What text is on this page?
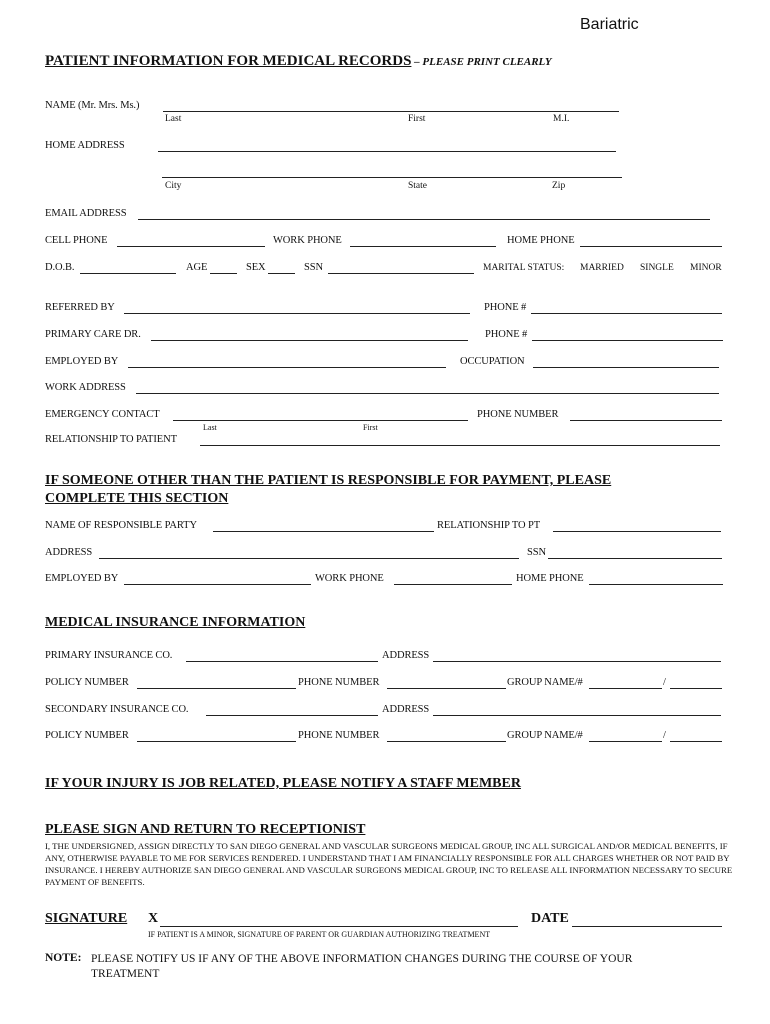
Bariatric
PATIENT INFORMATION FOR MEDICAL RECORDS – PLEASE PRINT CLEARLY
NAME (Mr. Mrs. Ms.)
Last	First	M.I.
HOME ADDRESS
City	State	Zip
EMAIL ADDRESS
CELL PHONE	WORK PHONE	HOME PHONE
D.O.B.	AGE	SEX	SSN	MARITAL STATUS: MARRIED SINGLE MINOR
REFERRED BY	PHONE #
PRIMARY CARE DR.	PHONE #
EMPLOYED BY	OCCUPATION
WORK ADDRESS
EMERGENCY CONTACT	PHONE NUMBER
Last	First
RELATIONSHIP TO PATIENT
IF SOMEONE OTHER THAN THE PATIENT IS RESPONSIBLE FOR PAYMENT, PLEASE
COMPLETE THIS SECTION
NAME OF RESPONSIBLE PARTY	RELATIONSHIP TO PT
ADDRESS	SSN
EMPLOYED BY	WORK PHONE	HOME PHONE
MEDICAL INSURANCE INFORMATION
PRIMARY INSURANCE CO.	ADDRESS
POLICY NUMBER	PHONE NUMBER	GROUP NAME/#	/
SECONDARY INSURANCE CO.	ADDRESS
POLICY NUMBER	PHONE NUMBER	GROUP NAME/#	/
IF YOUR INJURY IS JOB RELATED, PLEASE NOTIFY A STAFF MEMBER
PLEASE SIGN AND RETURN TO RECEPTIONIST
I, THE UNDERSIGNED, ASSIGN DIRECTLY TO SAN DIEGO GENERAL AND VASCULAR SURGEONS MEDICAL GROUP, INC ALL SURGICAL AND/OR MEDICAL BENEFITS, IF ANY, OTHERWISE PAYABLE TO ME FOR SERVICES RENDERED. I UNDERSTAND THAT I AM FINANCIALLY RESPONSIBLE FOR ALL CHARGES WHETHER OR NOT PAID BY INSURANCE. I HEREBY AUTHORIZE SAN DIEGO GENERAL AND VASCULAR SURGEONS MEDICAL GROUP, INC TO RELEASE ALL INFORMATION NECESSARY TO SECURE PAYMENT OF BENEFITS.
SIGNATURE X	DATE
IF PATIENT IS A MINOR, SIGNATURE OF PARENT OR GUARDIAN AUTHORIZING TREATMENT
NOTE: PLEASE NOTIFY US IF ANY OF THE ABOVE INFORMATION CHANGES DURING THE COURSE OF YOUR
TREATMENT
